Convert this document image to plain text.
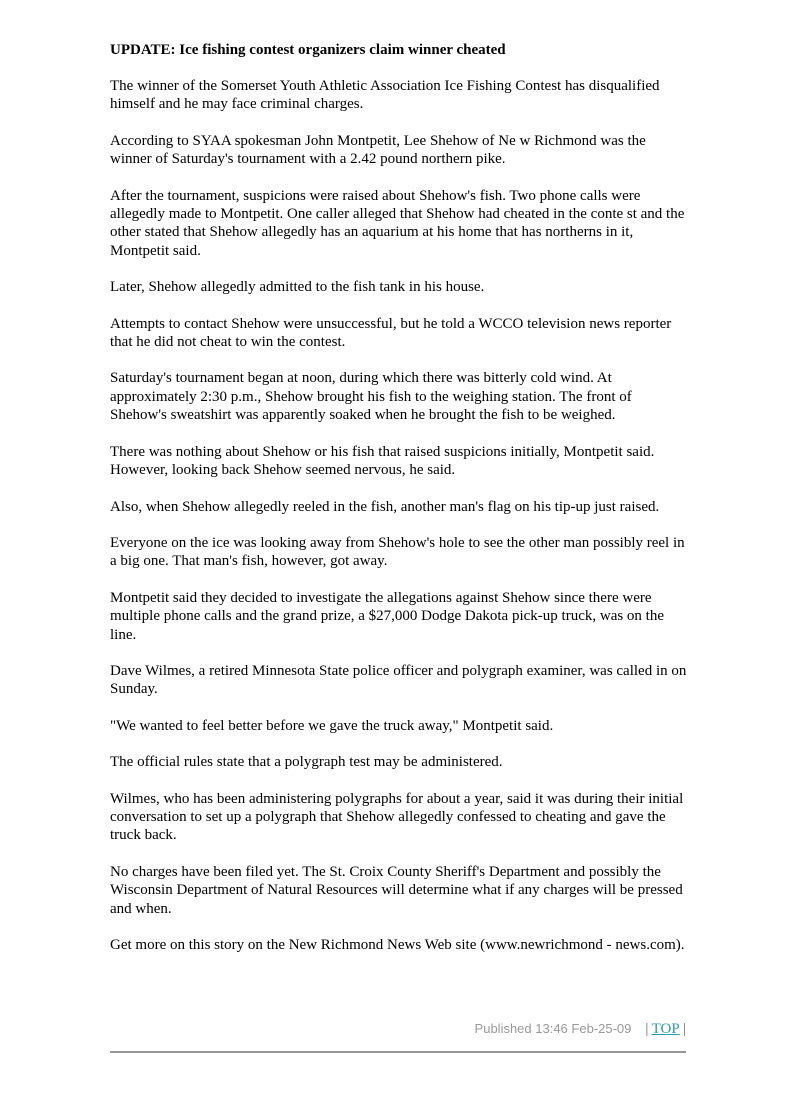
UPDATE: Ice fishing contest organizers claim winner cheated

The winner of the Somerset Youth Athletic Association Ice Fishing Contest has disqualified himself and he may face criminal charges.

According to SYAA spokesman John Montpetit, Lee Shehow of Ne w Richmond was the winner of Saturday's tournament with a 2.42 pound northern pike.

After the tournament, suspicions were raised about Shehow's fish. Two phone calls were allegedly made to Montpetit. One caller alleged that Shehow had cheated in the conte st and the other stated that Shehow allegedly has an aquarium at his home that has northerns in it, Montpetit said.

Later, Shehow allegedly admitted to the fish tank in his house.

Attempts to contact Shehow were unsuccessful, but he told a WCCO television news reporter that he did not cheat to win the contest.

Saturday's tournament began at noon, during which there was bitterly cold wind. At approximately 2:30 p.m., Shehow brought his fish to the weighing station. The front of Shehow's sweatshirt was apparently soaked when he brought the fish to be weighed.

There was nothing about Shehow or his fish that raised suspicions initially, Montpetit said. However, looking back Shehow seemed nervous, he said.

Also, when Shehow allegedly reeled in the fish, another man's flag on his tip-up just raised.

Everyone on the ice was looking away from Shehow's hole to see the other man possibly reel in a big one. That man's fish, however, got away.

Montpetit said they decided to investigate the allegations against Shehow since there were multiple phone calls and the grand prize, a $27,000 Dodge Dakota pick-up truck, was on the line.

Dave Wilmes, a retired Minnesota State police officer and polygraph examiner, was called in on Sunday.

"We wanted to feel better before we gave the truck away," Montpetit said.

The official rules state that a polygraph test may be administered.

Wilmes, who has been administering polygraphs for about a year, said it was during their initial conversation to set up a polygraph that Shehow allegedly confessed to cheating and gave the truck back.

No charges have been filed yet. The St. Croix County Sheriff's Department and possibly the Wisconsin Department of Natural Resources will determine what if any charges will be pressed and when.

Get more on this story on the New Richmond News Web site (www.newrichmond - news.com).

Published 13:46 Feb-25-09 | TOP |
